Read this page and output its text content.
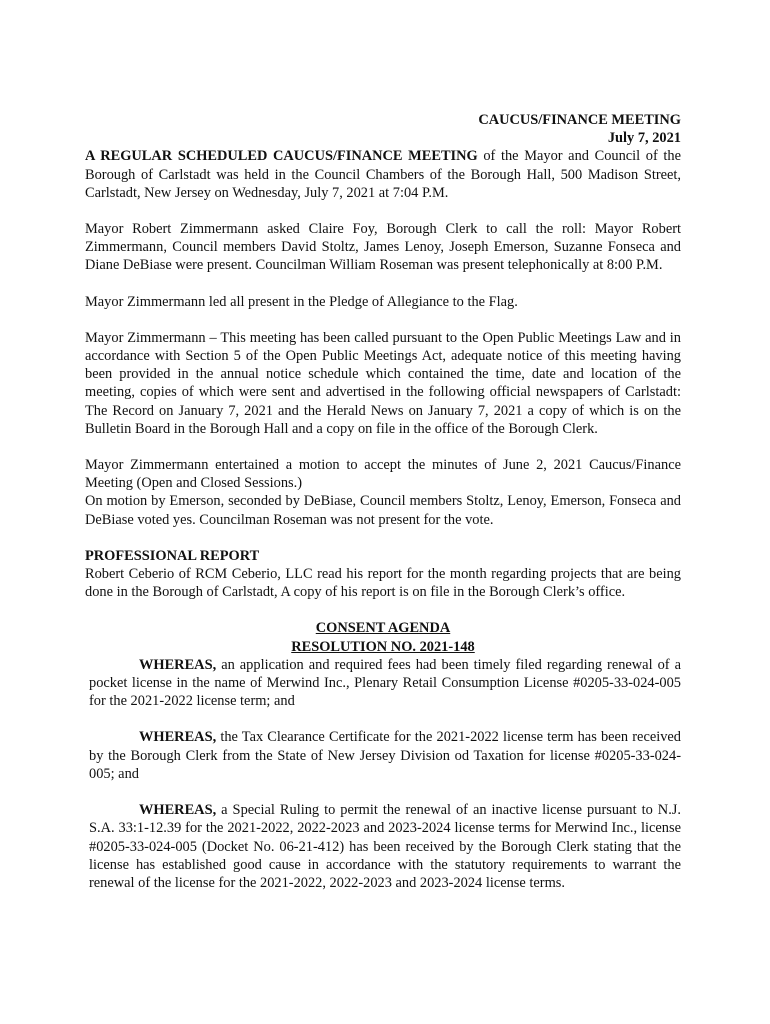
CAUCUS/FINANCE MEETING

July 7, 2021

A REGULAR SCHEDULED CAUCUS/FINANCE MEETING of the Mayor and Council of the Borough of Carlstadt was held in the Council Chambers of the Borough Hall, 500 Madison Street, Carlstadt, New Jersey on Wednesday, July 7, 2021 at 7:04 P.M.

Mayor Robert Zimmermann asked Claire Foy, Borough Clerk to call the roll: Mayor Robert Zimmermann, Council members David Stoltz, James Lenoy, Joseph Emerson, Suzanne Fonseca and Diane DeBiase were present. Councilman William Roseman was present telephonically at 8:00 P.M.

Mayor Zimmermann led all present in the Pledge of Allegiance to the Flag.

Mayor Zimmermann – This meeting has been called pursuant to the Open Public Meetings Law and in accordance with Section 5 of the Open Public Meetings Act, adequate notice of this meeting having been provided in the annual notice schedule which contained the time, date and location of the meeting, copies of which were sent and advertised in the following official newspapers of Carlstadt: The Record on January 7, 2021 and the Herald News on January 7, 2021 a copy of which is on the Bulletin Board in the Borough Hall and a copy on file in the office of the Borough Clerk.

Mayor Zimmermann entertained a motion to accept the minutes of June 2, 2021 Caucus/Finance Meeting (Open and Closed Sessions.)

On motion by Emerson, seconded by DeBiase, Council members Stoltz, Lenoy, Emerson, Fonseca and DeBiase voted yes. Councilman Roseman was not present for the vote.

PROFESSIONAL REPORT

Robert Ceberio of RCM Ceberio, LLC read his report for the month regarding projects that are being done in the Borough of Carlstadt, A copy of his report is on file in the Borough Clerk’s office.

CONSENT AGENDA

RESOLUTION NO. 2021-148

WHEREAS, an application and required fees had been timely filed regarding renewal of a pocket license in the name of Merwind Inc., Plenary Retail Consumption License #0205-33-024-005 for the 2021-2022 license term; and

WHEREAS, the Tax Clearance Certificate for the 2021-2022 license term has been received by the Borough Clerk from the State of New Jersey Division od Taxation for license #0205-33-024-005; and

WHEREAS, a Special Ruling to permit the renewal of an inactive license pursuant to N.J. S.A. 33:1-12.39 for the 2021-2022, 2022-2023 and 2023-2024 license terms for Merwind Inc., license #0205-33-024-005 (Docket No. 06-21-412) has been received by the Borough Clerk stating that the license has established good cause in accordance with the statutory requirements to warrant the renewal of the license for the 2021-2022, 2022-2023 and 2023-2024 license terms.
